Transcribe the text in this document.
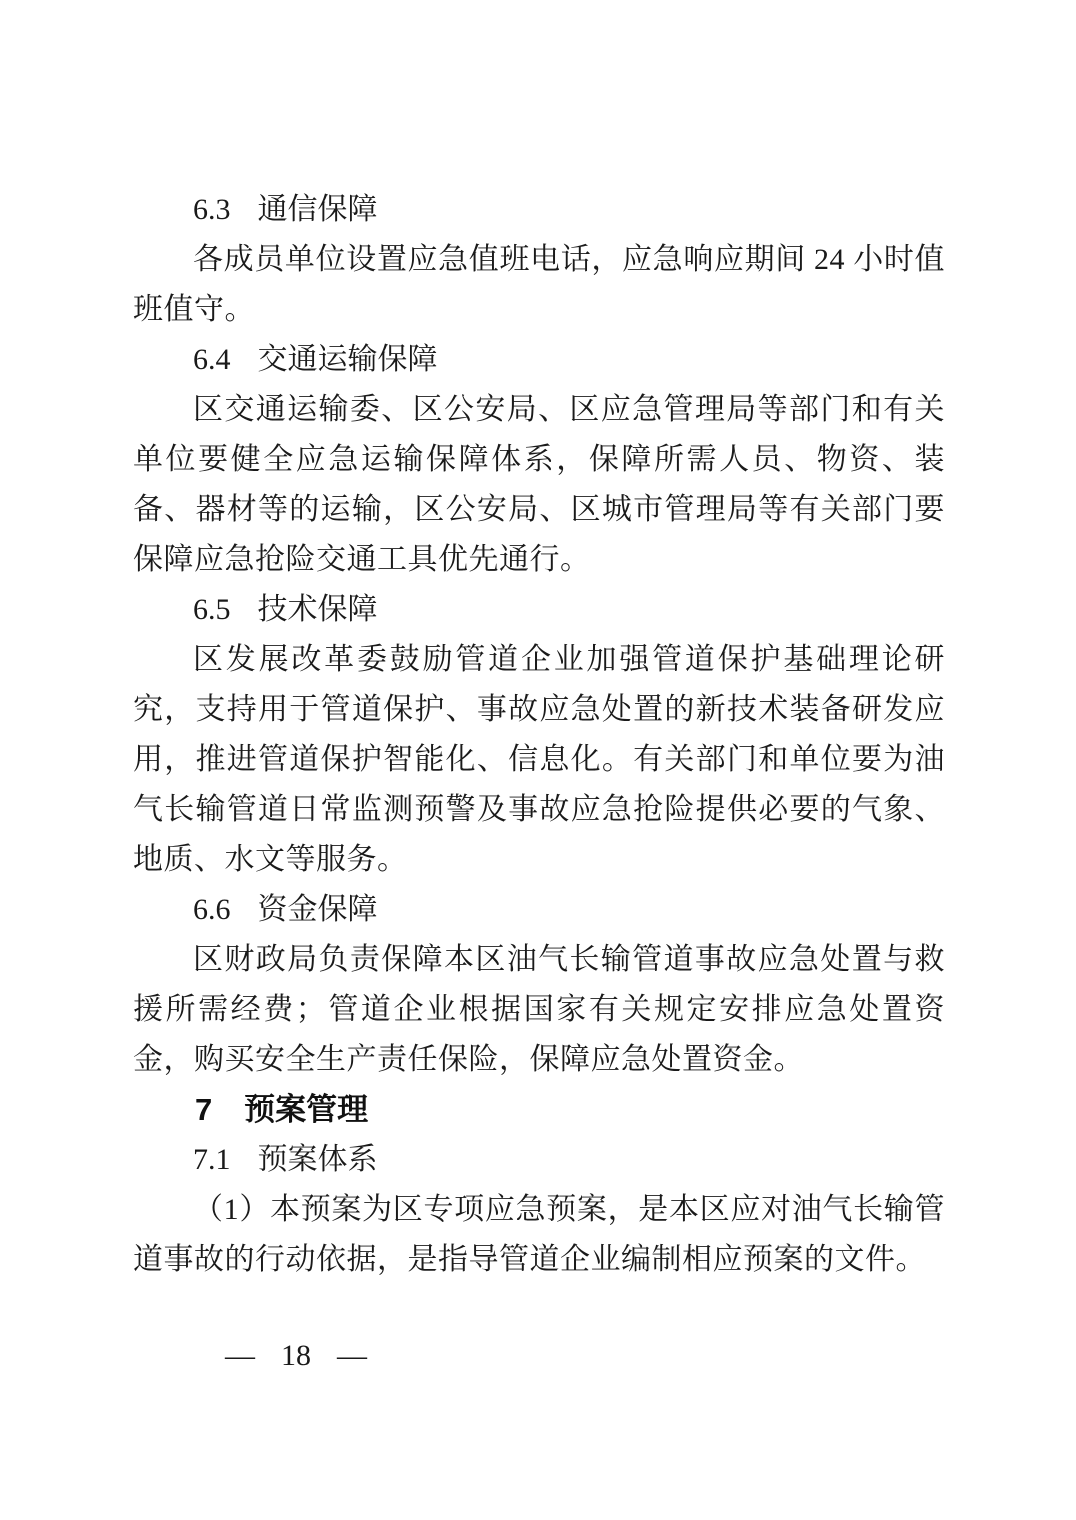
6.3 通信保障

各成员单位设置应急值班电话，应急响应期间 24 小时值班值守。

6.4 交通运输保障

区交通运输委、区公安局、区应急管理局等部门和有关单位要健全应急运输保障体系，保障所需人员、物资、装备、器材等的运输，区公安局、区城市管理局等有关部门要保障应急抢险交通工具优先通行。

6.5 技术保障

区发展改革委鼓励管道企业加强管道保护基础理论研究，支持用于管道保护、事故应急处置的新技术装备研发应用，推进管道保护智能化、信息化。有关部门和单位要为油气长输管道日常监测预警及事故应急抢险提供必要的气象、地质、水文等服务。

6.6 资金保障

区财政局负责保障本区油气长输管道事故应急处置与救援所需经费；管道企业根据国家有关规定安排应急处置资金，购买安全生产责任保险，保障应急处置资金。

7 预案管理
7.1 预案体系

（1）本预案为区专项应急预案，是本区应对油气长输管道事故的行动依据，是指导管道企业编制相应预案的文件。

— 18 —
